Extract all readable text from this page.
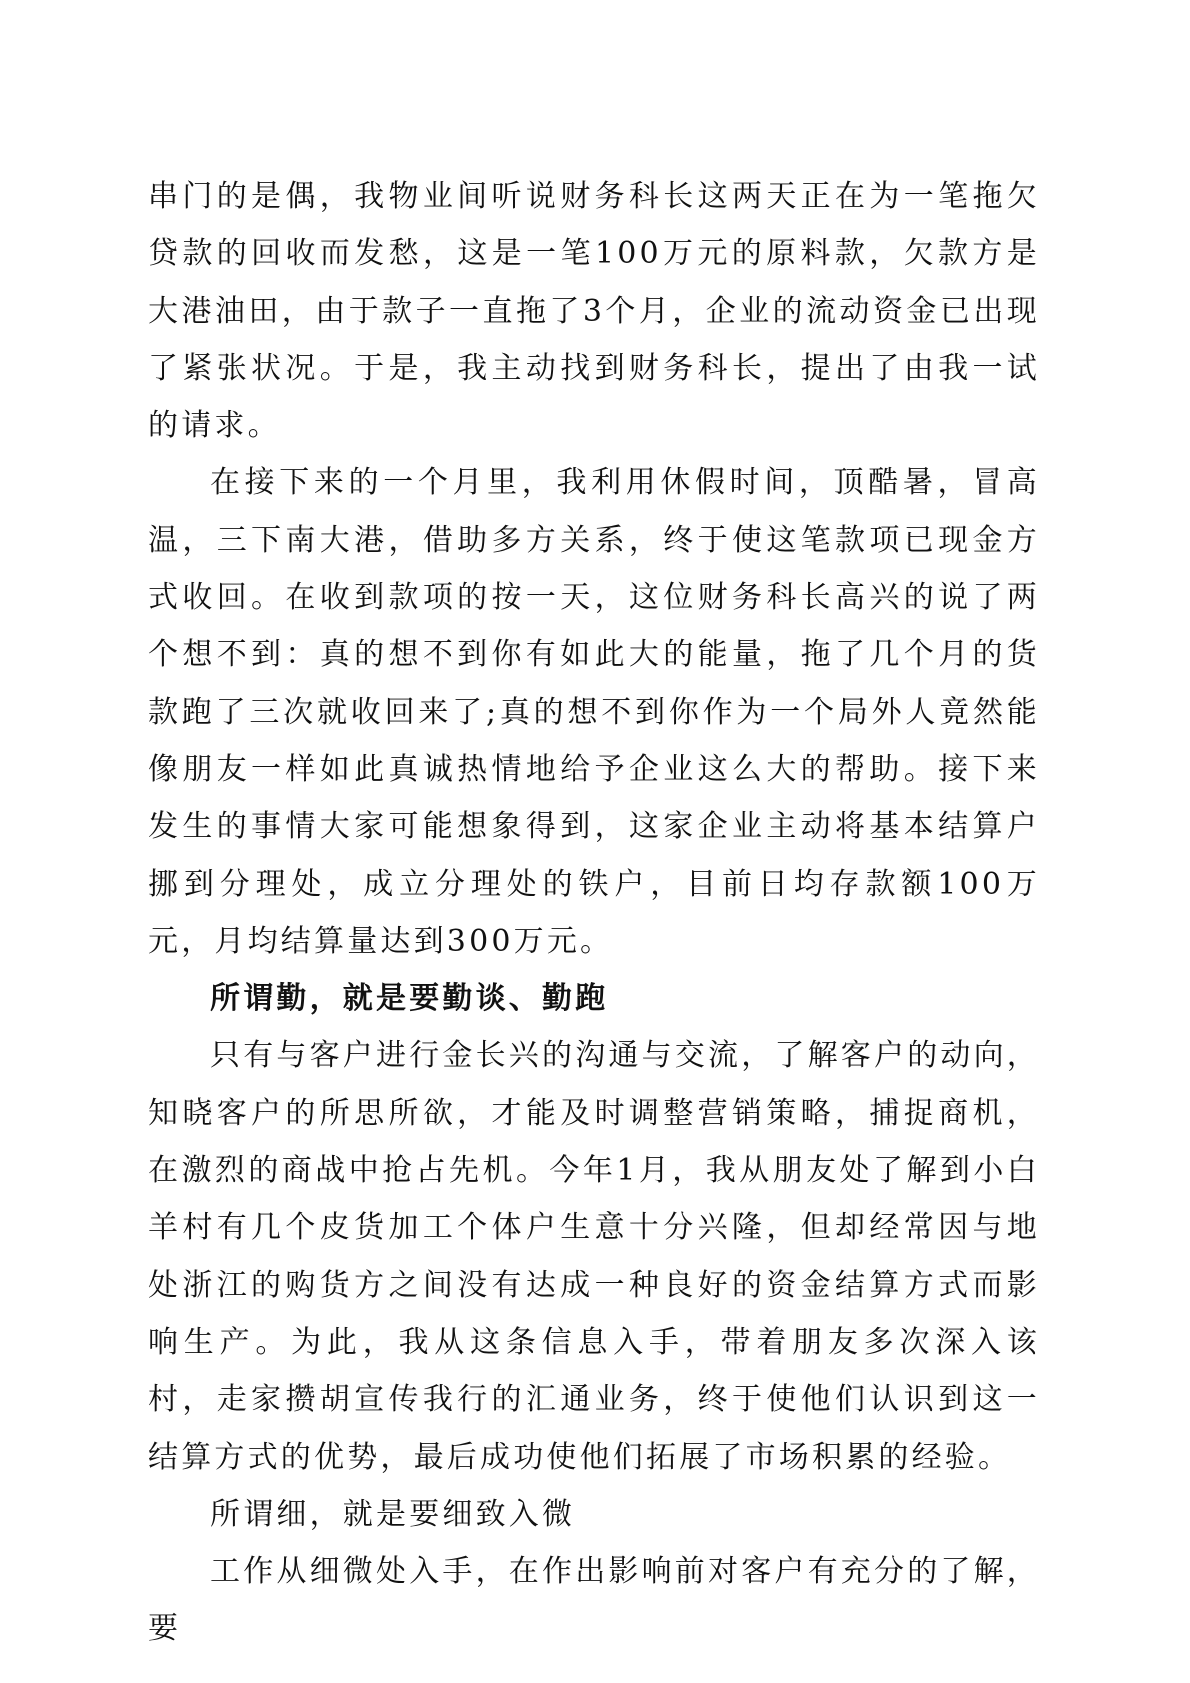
串门的是偶，我物业间听说财务科长这两天正在为一笔拖欠贷款的回收而发愁，这是一笔100万元的原料款，欠款方是大港油田，由于款子一直拖了3个月，企业的流动资金已出现了紧张状况。于是，我主动找到财务科长，提出了由我一试的请求。

在接下来的一个月里，我利用休假时间，顶酷暑，冒高温，三下南大港，借助多方关系，终于使这笔款项已现金方式收回。在收到款项的按一天，这位财务科长高兴的说了两个想不到：真的想不到你有如此大的能量，拖了几个月的货款跑了三次就收回来了;真的想不到你作为一个局外人竟然能像朋友一样如此真诚热情地给予企业这么大的帮助。接下来发生的事情大家可能想象得到，这家企业主动将基本结算户挪到分理处，成立分理处的铁户，目前日均存款额100万元，月均结算量达到300万元。

所谓勤，就是要勤谈、勤跑

只有与客户进行金长兴的沟通与交流，了解客户的动向，知晓客户的所思所欲，才能及时调整营销策略，捕捉商机，在激烈的商战中抢占先机。今年1月，我从朋友处了解到小白羊村有几个皮货加工个体户生意十分兴隆，但却经常因与地处浙江的购货方之间没有达成一种良好的资金结算方式而影响生产。为此，我从这条信息入手，带着朋友多次深入该村，走家攒胡宣传我行的汇通业务，终于使他们认识到这一结算方式的优势，最后成功使他们拓展了市场积累的经验。

所谓细，就是要细致入微

工作从细微处入手，在作出影响前对客户有充分的了解，要
